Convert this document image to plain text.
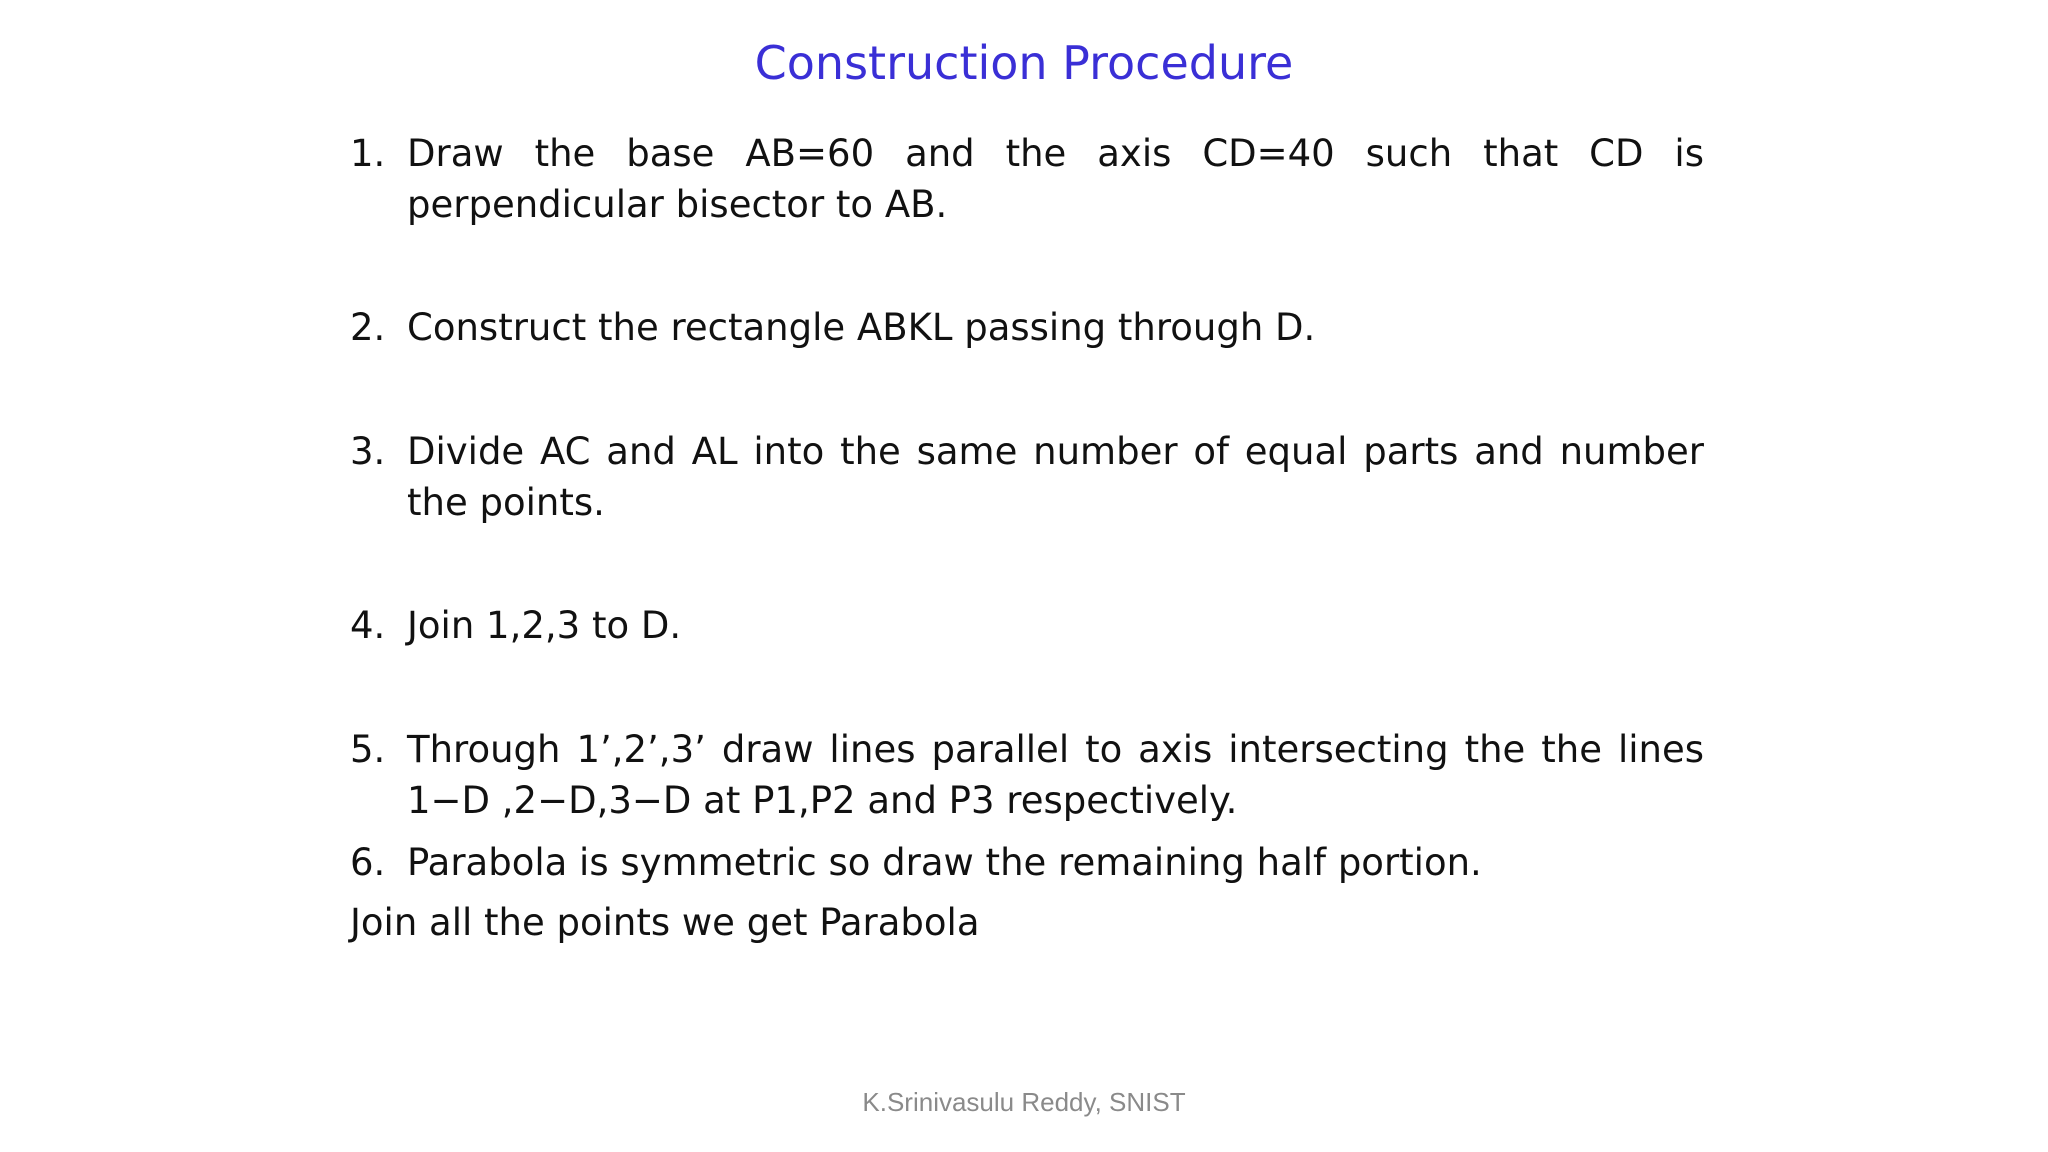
Construction Procedure
1. Draw the base AB=60 and the axis CD=40 such that CD is perpendicular bisector to AB.
2. Construct the rectangle ABKL passing through D.
3. Divide AC and AL into the same number of equal parts and number the points.
4. Join 1,2,3 to D.
5. Through 1’,2’,3’ draw lines parallel to axis intersecting the the lines 1−D ,2−D,3−D at P1,P2 and P3 respectively.
6. Parabola is symmetric so draw the remaining half portion.
Join all the points we get Parabola
K.Srinivasulu Reddy, SNIST
